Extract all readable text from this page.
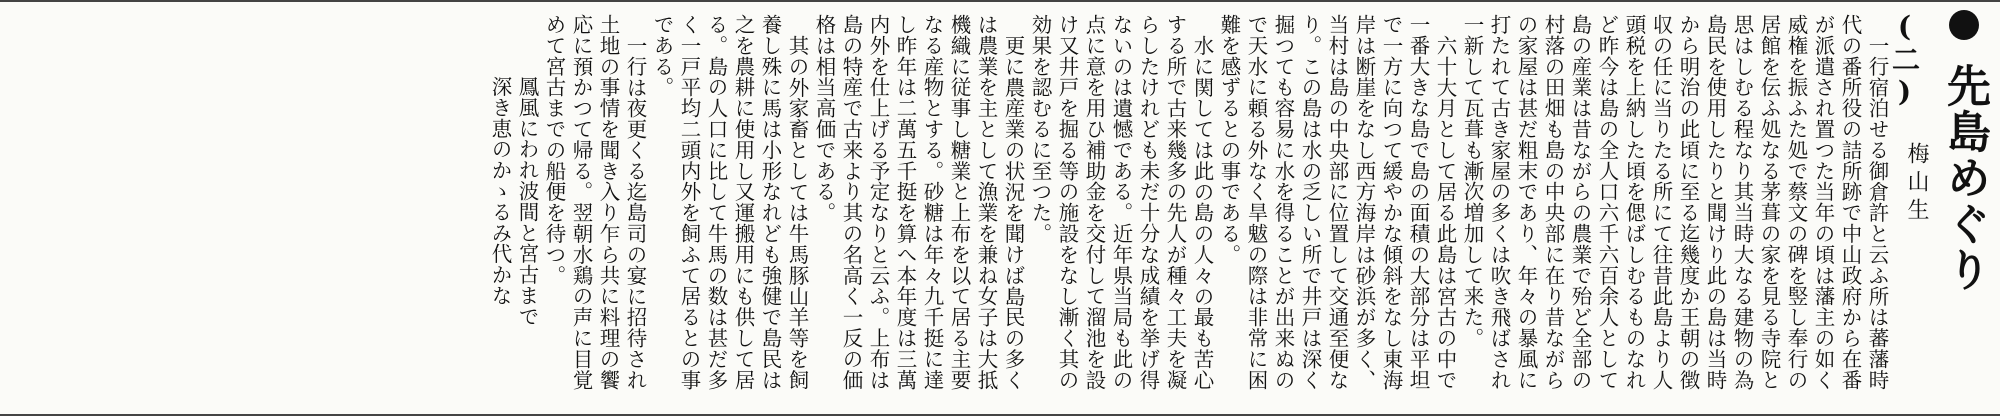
先島めぐり (二)
梅山生

一行宿泊せる御倉許と云ふ所は蕃藩時代の番所役の詰所跡で中山政府から在番が派遣され置つた当年の頃は藩主の如く威権を振ふた処で蔡文の碑を竪し奉行の居館を伝ふ処なる茅葺の家を見る寺院と思はしむる程なり其当時大なる建物の為島民を使用したりと聞けり此の島は当時から明治の此頃に至る迄幾度か王朝の徴収の任に当りたる所にて往昔此島より人頭税を上納した頃を偲ばしむるものなれど昨今は島の全人口六千六百余人として島の産業は昔ながらの農業で殆ど全部の村落の田畑も島の中央部に在り昔ながらの家屋は甚だ粗末であり、年々の暴風に打たれて古き家屋の多くは吹き飛ばされ一新して瓦葺も漸次増加して来た。

六十大月として居る此島は宮古の中で一番大きな島で島の面積の大部分は平坦で一方に向つて緩やかな傾斜をなし東海岸は断崖をなし西方海岸は砂浜が多く、当村は島の中央部に位置して交通至便なり。この島は水の乏しい所で井戸は深く掘つても容易に水を得ることが出来ぬので天水に頼る外なく旱魃の際は非常に困難を感ずるとの事である。

水に関しては此の島の人々の最も苦心する所で古来幾多の先人が種々工夫を凝らしたけれども未だ十分な成績を挙げ得ないのは遺憾である。近年県当局も此の点に意を用ひ補助金を交付して溜池を設け又井戸を掘る等の施設をなし漸く其の効果を認むるに至つた。

更に農産業の状況を聞けば島民の多くは農業を主として漁業を兼ね女子は大抵機織に従事し糖業と上布を以て居る主要なる産物とする。砂糖は年々九千挺に達し昨年は二萬五千挺を算へ本年度は三萬内外を仕上げる予定なりと云ふ。上布は島の特産で古来より其の名高く一反の価格は相当高価である。

其の外家畜としては牛馬豚山羊等を飼養し殊に馬は小形なれども強健で島民は之を農耕に使用し又運搬用にも供して居る。島の人口に比して牛馬の数は甚だ多く一戸平均二頭内外を飼ふて居るとの事である。

一行は夜更くる迄島司の宴に招待され土地の事情を聞き入り乍ら共に料理の饗応に預かつて帰る。翌朝水鶏の声に目覚めて宮古までの船便を待つ。

鳳風にわれ波間と宮古まで

深き恵のかゝるみ代かな
